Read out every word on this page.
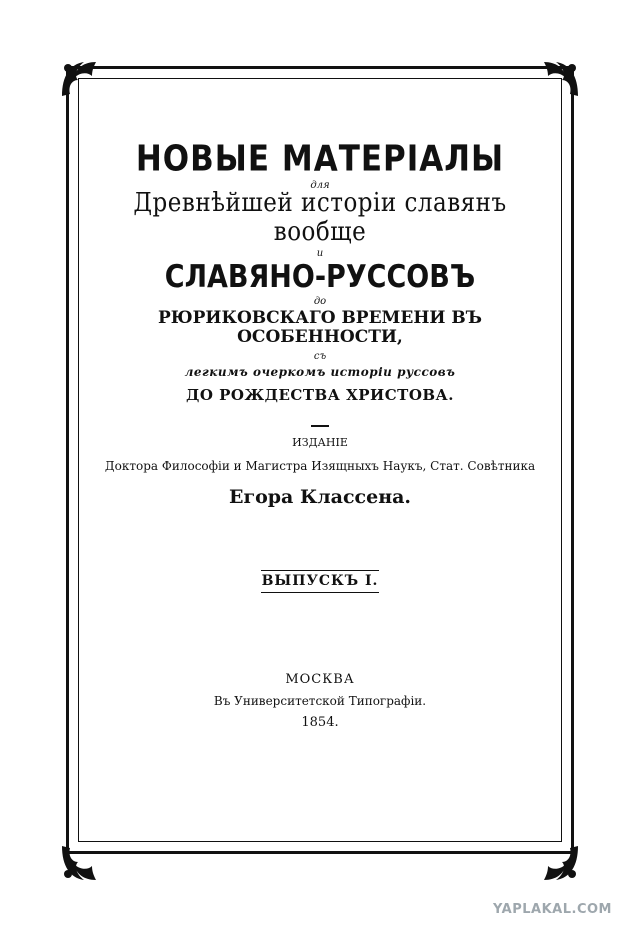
НОВЫЕ МАТЕРІАЛЫ

для

Древнѣйшей исторіи славянъ вообще

и

СЛАВЯНО-РУССОВЪ

до

РЮРИКОВСКАГО ВРЕМЕНИ ВЪ ОСОБЕННОСТИ,

съ

легкимъ очеркомъ исторіи руссовъ

ДО РОЖДЕСТВА ХРИСТОВА.

ИЗДАНІЕ

Доктора Философіи и Магистра Изящныхъ Наукъ, Стат. Совѣтника

Егора Классена.

ВЫПУСКЪ I.

МОСКВА

Въ Университетской Типографіи.

1854.

YAPLAKAL.COM
